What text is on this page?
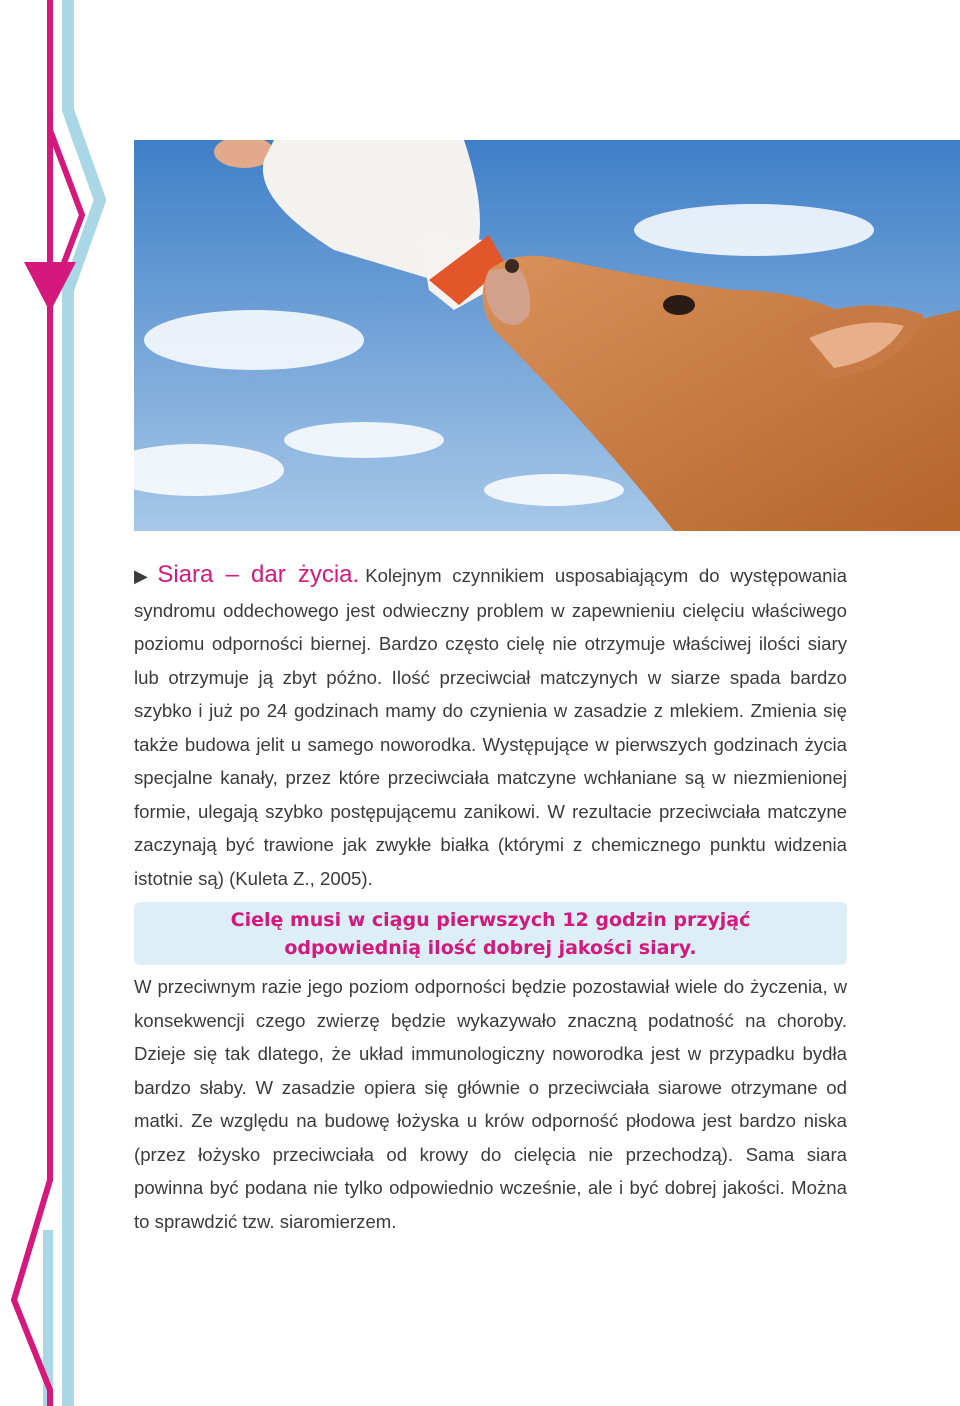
▶ Siara – dar życia. Kolejnym czynnikiem usposabiającym do występowania syndromu oddechowego jest odwieczny problem w zapewnieniu cielęciu właściwego poziomu odporności biernej. Bardzo często cielę nie otrzymuje właściwej ilości siary lub otrzymuje ją zbyt późno. Ilość przeciwciał matczynych w siarze spada bardzo szybko i już po 24 godzinach mamy do czynienia w zasadzie z mlekiem. Zmienia się także budowa jelit u samego noworodka. Występujące w pierwszych godzinach życia specjalne kanały, przez które przeciwciała matczyne wchłaniane są w niezmienionej formie, ulegają szybko postępującemu zanikowi. W rezultacie przeciwciała matczyne zaczynają być trawione jak zwykłe białka (którymi z chemicznego punktu widzenia istotnie są) (Kuleta Z., 2005).
Cielę musi w ciągu pierwszych 12 godzin przyjąć odpowiednią ilość dobrej jakości siary.
W przeciwnym razie jego poziom odporności będzie pozostawiał wiele do życzenia, w konsekwencji czego zwierzę będzie wykazywało znaczną podatność na choroby. Dzieje się tak dlatego, że układ immunologiczny noworodka jest w przypadku bydła bardzo słaby. W zasadzie opiera się głównie o przeciwciała siarowe otrzymane od matki. Ze względu na budowę łożyska u krów odporność płodowa jest bardzo niska (przez łożysko przeciwciała od krowy do cielęcia nie przechodzą). Sama siara powinna być podana nie tylko odpowiednio wcześnie, ale i być dobrej jakości. Można to sprawdzić tzw. siaromierzem.
